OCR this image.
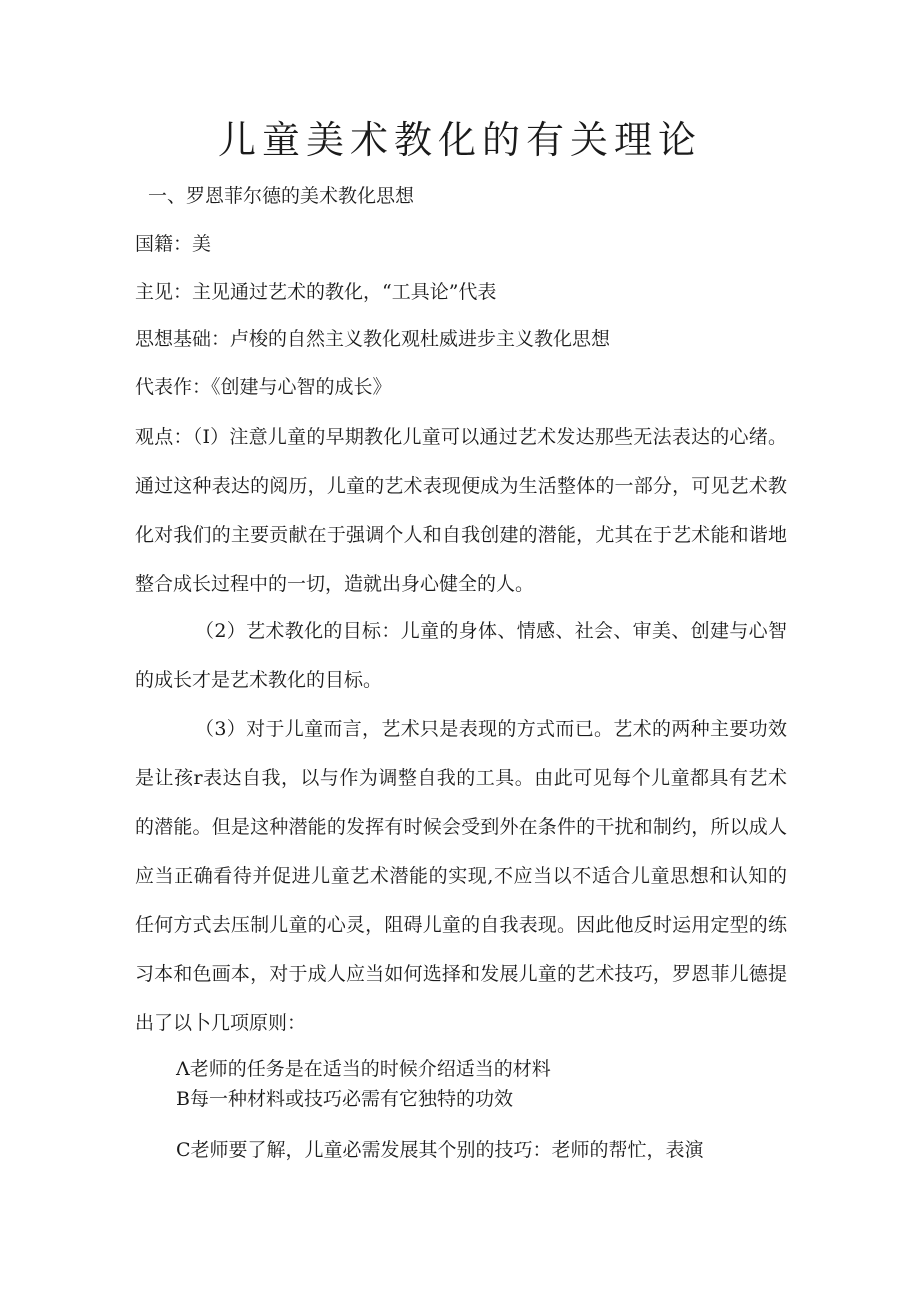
儿童美术教化的有关理论

一、罗恩菲尔德的美术教化思想

国籍：美

主见：主见通过艺术的教化，“工具论”代表

思想基础：卢梭的自然主义教化观杜威进步主义教化思想

代表作：《创建与心智的成长》

观点：（I）注意儿童的早期教化儿童可以通过艺术发达那些无法表达的心绪。通过这种表达的阅历，儿童的艺术表现便成为生活整体的一部分，可见艺术教化对我们的主要贡献在于强调个人和自我创建的潜能，尤其在于艺术能和谐地整合成长过程中的一切，造就出身心健全的人。

（2）艺术教化的目标：儿童的身体、情感、社会、审美、创建与心智的成长才是艺术教化的目标。

（3）对于儿童而言，艺术只是表现的方式而已。艺术的两种主要功效是让孩r表达自我，以与作为调整自我的工具。由此可见每个儿童都具有艺术的潜能。但是这种潜能的发挥有时候会受到外在条件的干扰和制约，所以成人应当正确看待并促进儿童艺术潜能的实现,不应当以不适合儿童思想和认知的任何方式去压制儿童的心灵，阻碍儿童的自我表现。因此他反时运用定型的练习本和色画本，对于成人应当如何选择和发展儿童的艺术技巧，罗恩菲儿德提出了以卜几项原则：

Λ老师的任务是在适当的时候介绍适当的材料

B每一种材料或技巧必需有它独特的功效

C老师要了解，儿童必需发展其个别的技巧：老师的帮忙，表演
